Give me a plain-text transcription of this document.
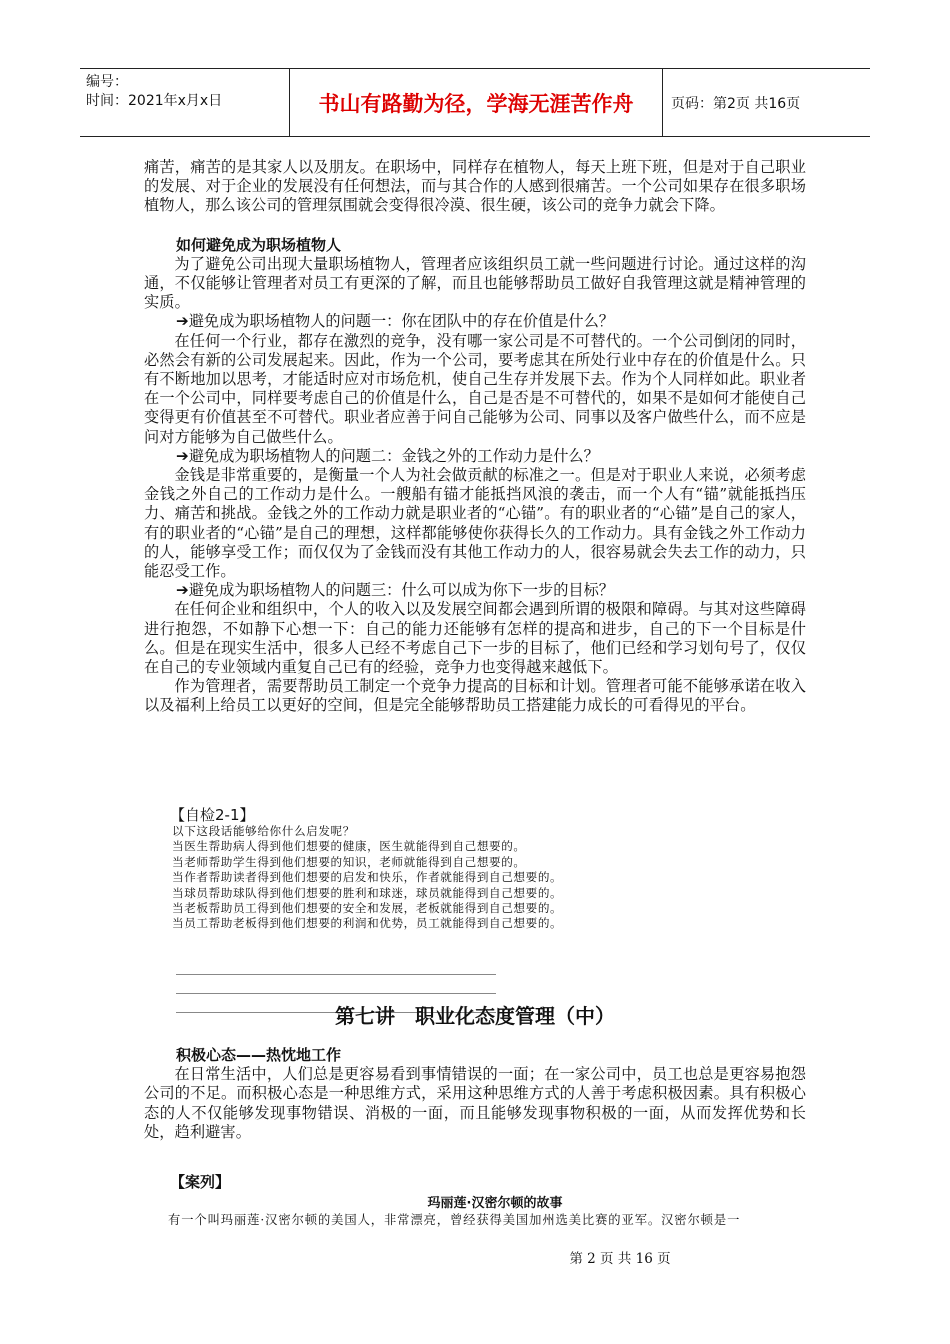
编号：
时间：2021年x月x日	书山有路勤为径，学海无涯苦作舟	页码：第2页 共16页

痛苦，痛苦的是其家人以及朋友。在职场中，同样存在植物人，每天上班下班，但是对于自己职业的发展、对于企业的发展没有任何想法，而与其合作的人感到很痛苦。一个公司如果存在很多职场植物人，那么该公司的管理氛围就会变得很冷漠、很生硬，该公司的竞争力就会下降。

如何避免成为职场植物人

为了避免公司出现大量职场植物人，管理者应该组织员工就一些问题进行讨论。通过这样的沟通，不仅能够让管理者对员工有更深的了解，而且也能够帮助员工做好自我管理这就是精神管理的实质。

➔避免成为职场植物人的问题一：你在团队中的存在价值是什么？

在任何一个行业，都存在激烈的竞争，没有哪一家公司是不可替代的。一个公司倒闭的同时，必然会有新的公司发展起来。因此，作为一个公司，要考虑其在所处行业中存在的价值是什么。只有不断地加以思考，才能适时应对市场危机，使自己生存并发展下去。作为个人同样如此。职业者在一个公司中，同样要考虑自己的价值是什么，自己是否是不可替代的，如果不是如何才能使自己变得更有价值甚至不可替代。职业者应善于问自己能够为公司、同事以及客户做些什么，而不应是问对方能够为自己做些什么。

➔避免成为职场植物人的问题二：金钱之外的工作动力是什么？

金钱是非常重要的，是衡量一个人为社会做贡献的标准之一。但是对于职业人来说，必须考虑金钱之外自己的工作动力是什么。一艘船有锚才能抵挡风浪的袭击，而一个人有“锚”就能抵挡压力、痛苦和挑战。金钱之外的工作动力就是职业者的“心锚”。有的职业者的“心锚”是自己的家人，有的职业者的“心锚”是自己的理想，这样都能够使你获得长久的工作动力。具有金钱之外工作动力的人，能够享受工作；而仅仅为了金钱而没有其他工作动力的人，很容易就会失去工作的动力，只能忍受工作。

➔避免成为职场植物人的问题三：什么可以成为你下一步的目标？

在任何企业和组织中，个人的收入以及发展空间都会遇到所谓的极限和障碍。与其对这些障碍进行抱怨，不如静下心想一下：自己的能力还能够有怎样的提高和进步，自己的下一个目标是什么。但是在现实生活中，很多人已经不考虑自己下一步的目标了，他们已经和学习划句号了，仅仅在自己的专业领域内重复自己已有的经验，竞争力也变得越来越低下。

作为管理者，需要帮助员工制定一个竞争力提高的目标和计划。管理者可能不能够承诺在收入以及福利上给员工以更好的空间，但是完全能够帮助员工搭建能力成长的可看得见的平台。

【自检2-1】

以下这段话能够给你什么启发呢？

当医生帮助病人得到他们想要的健康，医生就能得到自己想要的。

当老师帮助学生得到他们想要的知识，老师就能得到自己想要的。

当作者帮助读者得到他们想要的启发和快乐，作者就能得到自己想要的。

当球员帮助球队得到他们想要的胜利和球迷，球员就能得到自己想要的。

当老板帮助员工得到他们想要的安全和发展，老板就能得到自己想要的。

当员工帮助老板得到他们想要的利润和优势，员工就能得到自己想要的。

第七讲　职业化态度管理（中）

积极心态——热忱地工作

在日常生活中，人们总是更容易看到事情错误的一面；在一家公司中，员工也总是更容易抱怨公司的不足。而积极心态是一种思维方式，采用这种思维方式的人善于考虑积极因素。具有积极心态的人不仅能够发现事物错误、消极的一面，而且能够发现事物积极的一面，从而发挥优势和长处，趋利避害。

【案列】
玛丽莲·汉密尔顿的故事
有一个叫玛丽莲·汉密尔顿的美国人，非常漂亮，曾经获得美国加州选美比赛的亚军。汉密尔顿是一
第 2 页 共 16 页
